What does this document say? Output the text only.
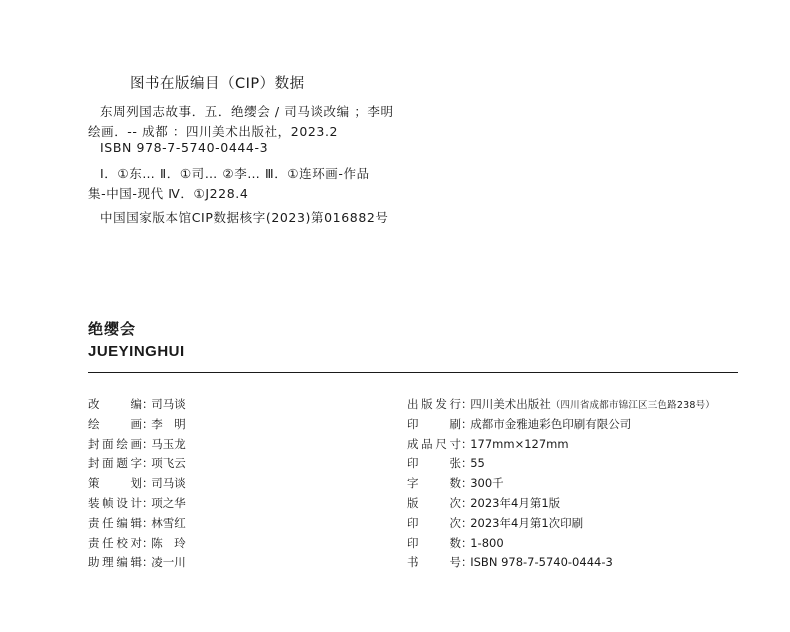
图书在版编目（CIP）数据
东周列国志故事．五．绝缨会 / 司马谈改编 ；李明
绘画．-- 成都 ：四川美术出版社，2023.2
ISBN 978-7-5740-0444-3
Ⅰ．①东… Ⅱ．①司… ②李… Ⅲ．①连环画-作品
集-中国-现代 Ⅳ．①J228.4
中国国家版本馆CIP数据核字(2023)第016882号
绝缨会
JUEYINGHUI
改　　编：司马谈
绘　　画：李　明
封面绘画：马玉龙
封面题字：项飞云
策　　划：司马谈
装帧设计：项之华
责任编辑：林雪红
责任校对：陈　玲
助理编辑：凌一川
出版发行：四川美术出版社（四川省成都市锦江区三色路238号）
印　　刷：成都市金雅迪彩色印刷有限公司
成品尺寸：177mm×127mm
印　　张：55
字　　数：300千
版　　次：2023年4月第1版
印　　次：2023年4月第1次印刷
印　　数：1-800
书　　号：ISBN 978-7-5740-0444-3
